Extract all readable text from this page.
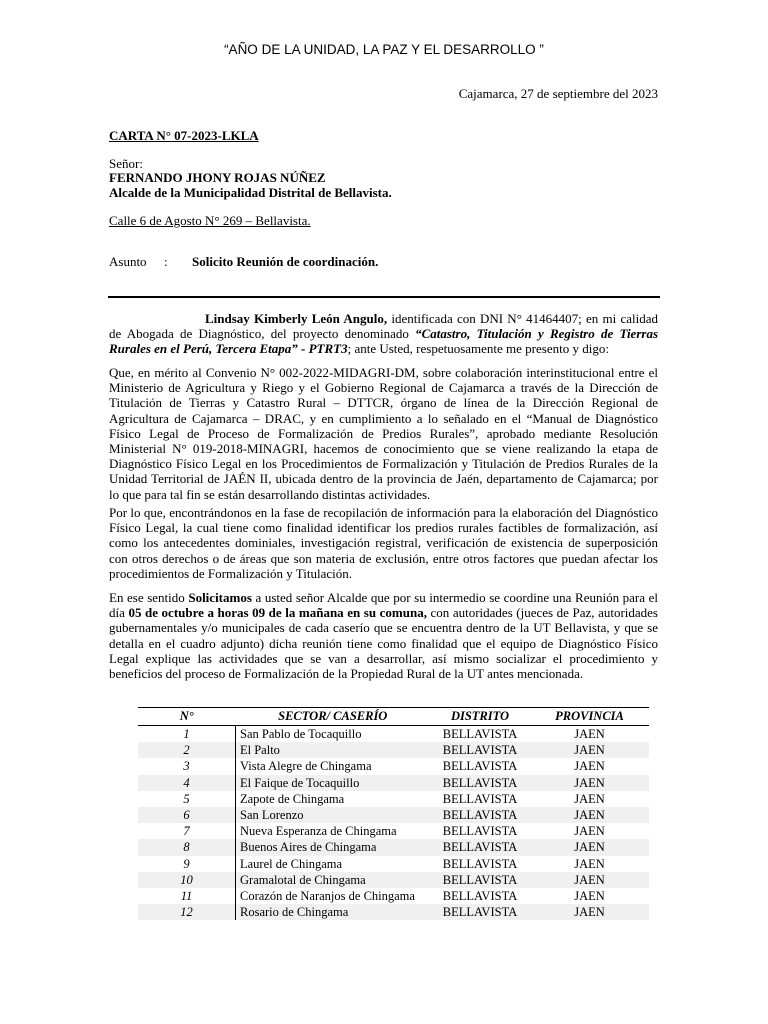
“AÑO DE LA UNIDAD, LA PAZ Y EL DESARROLLO ”
Cajamarca, 27 de septiembre del 2023
CARTA N° 07-2023-LKLA
Señor:
FERNANDO JHONY ROJAS NÚÑEZ
Alcalde de la Municipalidad Distrital de Bellavista.
Calle 6 de Agosto N° 269 – Bellavista.
Asunto : Solicito Reunión de coordinación.
Lindsay Kimberly León Angulo, identificada con DNI N° 41464407; en mi calidad de Abogada de Diagnóstico, del proyecto denominado “Catastro, Titulación y Registro de Tierras Rurales en el Perú, Tercera Etapa” - PTRT3; ante Usted, respetuosamente me presento y digo:
Que, en mérito al Convenio N° 002-2022-MIDAGRI-DM, sobre colaboración interinstitucional entre el Ministerio de Agricultura y Riego y el Gobierno Regional de Cajamarca a través de la Dirección de Titulación de Tierras y Catastro Rural – DTTCR, órgano de línea de la Dirección Regional de Agricultura de Cajamarca – DRAC, y en cumplimiento a lo señalado en el “Manual de Diagnóstico Físico Legal de Proceso de Formalización de Predios Rurales”, aprobado mediante Resolución Ministerial N° 019-2018-MINAGRI, hacemos de conocimiento que se viene realizando la etapa de Diagnóstico Físico Legal en los Procedimientos de Formalización y Titulación de Predios Rurales de la Unidad Territorial de JAÉN II, ubicada dentro de la provincia de Jaén, departamento de Cajamarca; por lo que para tal fin se están desarrollando distintas actividades.
Por lo que, encontrándonos en la fase de recopilación de información para la elaboración del Diagnóstico Físico Legal, la cual tiene como finalidad identificar los predios rurales factibles de formalización, así como los antecedentes dominiales, investigación registral, verificación de existencia de superposición con otros derechos o de áreas que son materia de exclusión, entre otros factores que puedan afectar los procedimientos de Formalización y Titulación.
En ese sentido Solicitamos a usted señor Alcalde que por su intermedio se coordine una Reunión para el día 05 de octubre a horas 09 de la mañana en su comuna, con autoridades (jueces de Paz, autoridades gubernamentales y/o municipales de cada caserío que se encuentra dentro de la UT Bellavista, y que se detalla en el cuadro adjunto) dicha reunión tiene como finalidad que el equipo de Diagnóstico Físico Legal explique las actividades que se van a desarrollar, así mismo socializar el procedimiento y beneficios del proceso de Formalización de la Propiedad Rural de la UT antes mencionada.
N°	SECTOR/ CASERÍO	DISTRITO	PROVINCIA
1	San Pablo de Tocaquillo	BELLAVISTA	JAEN
2	El Palto	BELLAVISTA	JAEN
3	Vista Alegre de Chingama	BELLAVISTA	JAEN
4	El Faique de Tocaquillo	BELLAVISTA	JAEN
5	Zapote de Chingama	BELLAVISTA	JAEN
6	San Lorenzo	BELLAVISTA	JAEN
7	Nueva Esperanza de Chingama	BELLAVISTA	JAEN
8	Buenos Aires de Chingama	BELLAVISTA	JAEN
9	Laurel de Chingama	BELLAVISTA	JAEN
10	Gramalotal de Chingama	BELLAVISTA	JAEN
11	Corazón de Naranjos de Chingama	BELLAVISTA	JAEN
12	Rosario de Chingama	BELLAVISTA	JAEN
